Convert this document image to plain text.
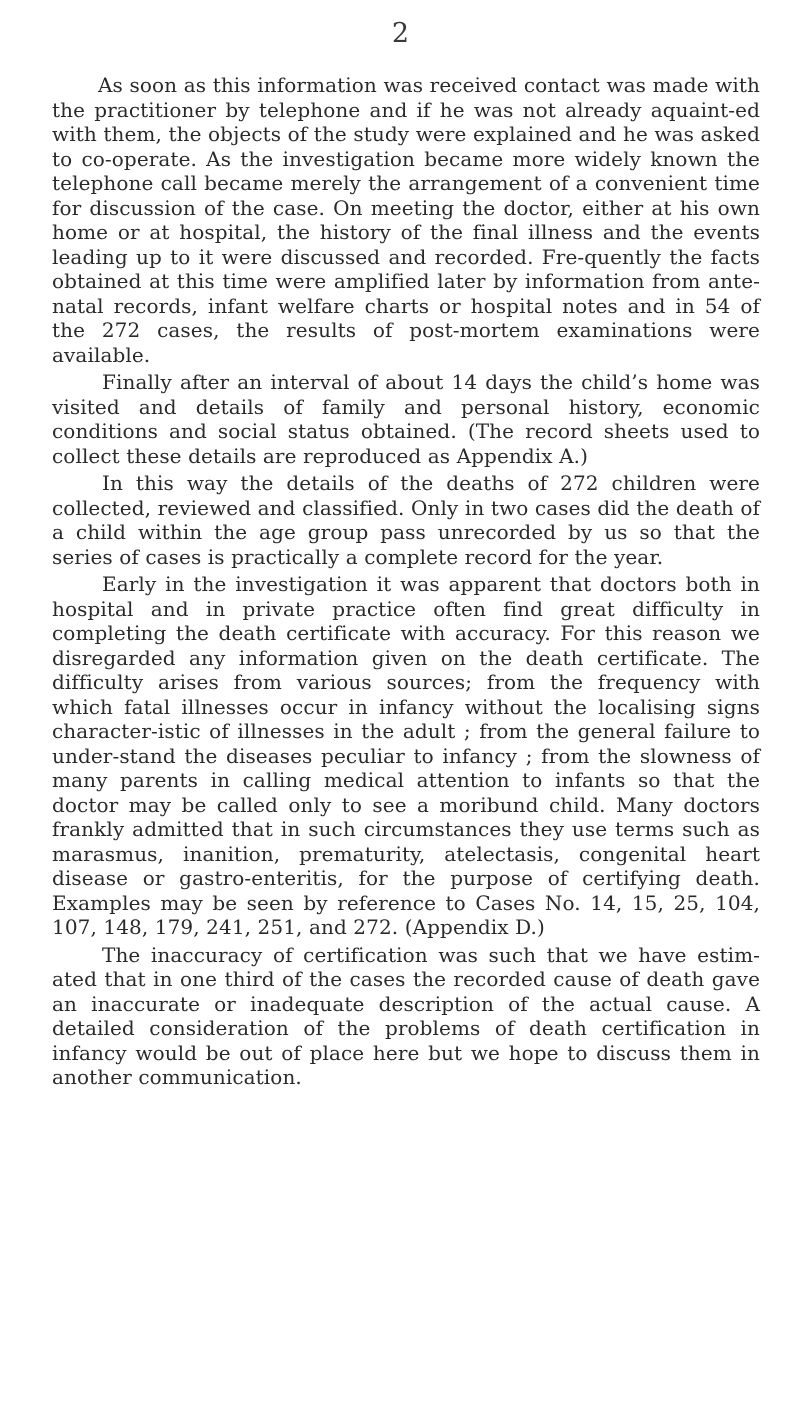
2

As soon as this information was received contact was made with the practitioner by telephone and if he was not already aquaint-ed with them, the objects of the study were explained and he was asked to co-operate. As the investigation became more widely known the telephone call became merely the arrangement of a convenient time for discussion of the case. On meeting the doctor, either at his own home or at hospital, the history of the final illness and the events leading up to it were discussed and recorded. Fre-quently the facts obtained at this time were amplified later by information from ante-natal records, infant welfare charts or hospital notes and in 54 of the 272 cases, the results of post-mortem examinations were available.

Finally after an interval of about 14 days the child’s home was visited and details of family and personal history, economic conditions and social status obtained. (The record sheets used to collect these details are reproduced as Appendix A.)

In this way the details of the deaths of 272 children were collected, reviewed and classified. Only in two cases did the death of a child within the age group pass unrecorded by us so that the series of cases is practically a complete record for the year.

Early in the investigation it was apparent that doctors both in hospital and in private practice often find great difficulty in completing the death certificate with accuracy. For this reason we disregarded any information given on the death certificate. The difficulty arises from various sources; from the frequency with which fatal illnesses occur in infancy without the localising signs character-istic of illnesses in the adult ; from the general failure to under-stand the diseases peculiar to infancy ; from the slowness of many parents in calling medical attention to infants so that the doctor may be called only to see a moribund child. Many doctors frankly admitted that in such circumstances they use terms such as marasmus, inanition, prematurity, atelectasis, congenital heart disease or gastro-enteritis, for the purpose of certifying death. Examples may be seen by reference to Cases No. 14, 15, 25, 104, 107, 148, 179, 241, 251, and 272. (Appendix D.)

The inaccuracy of certification was such that we have estim-ated that in one third of the cases the recorded cause of death gave an inaccurate or inadequate description of the actual cause. A detailed consideration of the problems of death certification in infancy would be out of place here but we hope to discuss them in another communication.
